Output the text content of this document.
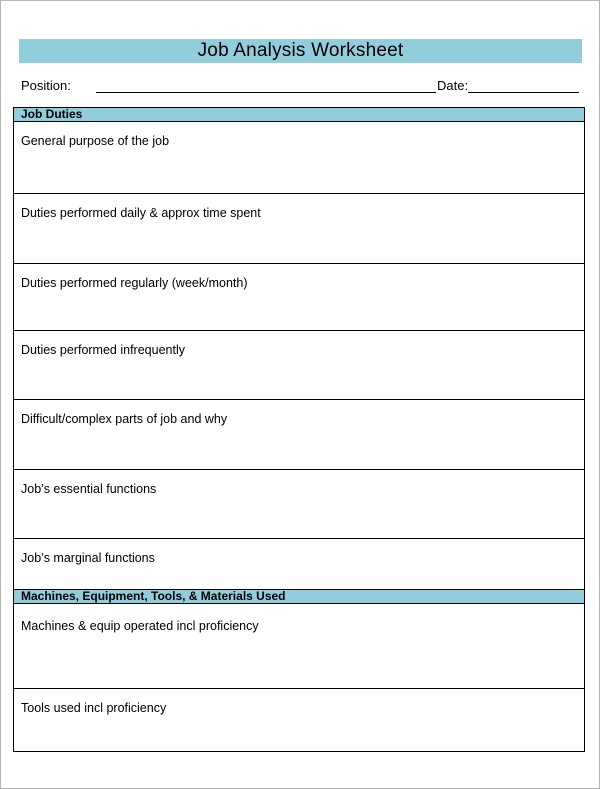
Job Analysis Worksheet
Position:	Date:
Job Duties
General purpose of the job
Duties performed daily & approx time spent
Duties performed regularly (week/month)
Duties performed infrequently
Difficult/complex parts of job and why
Job’s essential functions
Job’s marginal functions
Machines, Equipment, Tools, & Materials Used
Machines & equip operated incl proficiency
Tools used incl proficiency
